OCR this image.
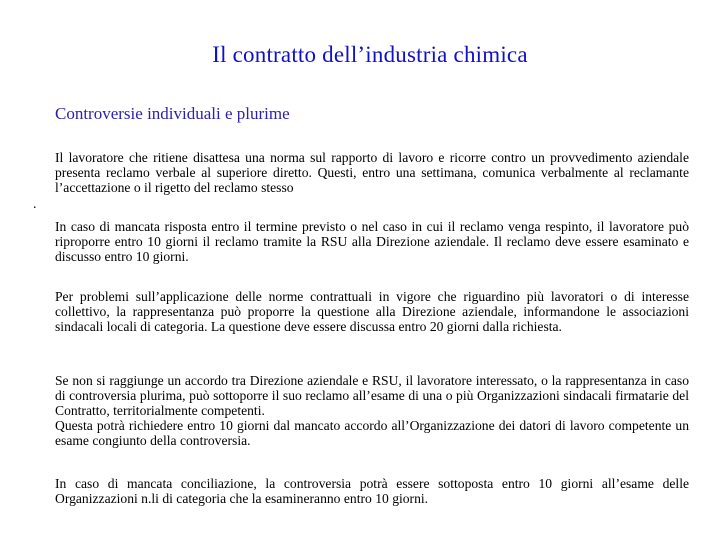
Il contratto dell’industria chimica
Controversie individuali e plurime
.

Il lavoratore che ritiene disattesa una norma sul rapporto di lavoro e ricorre contro un provvedimento aziendale presenta reclamo verbale al superiore diretto. Questi, entro una settimana, comunica verbalmente al reclamante l’accettazione o il rigetto del reclamo stesso

In caso di mancata risposta entro il termine previsto o nel caso in cui il reclamo venga respinto, il lavoratore può riproporre entro 10 giorni il reclamo tramite la RSU alla Direzione aziendale. Il reclamo deve essere esaminato e discusso entro 10 giorni.

Per problemi sull’applicazione delle norme contrattuali in vigore che riguardino più lavoratori o di interesse collettivo, la rappresentanza può proporre la questione alla Direzione aziendale, informandone le associazioni sindacali locali di categoria. La questione deve essere discussa entro 20 giorni dalla richiesta.

Se non si raggiunge un accordo tra Direzione aziendale e RSU, il lavoratore interessato, o la rappresentanza in caso di controversia plurima, può sottoporre il suo reclamo all’esame di una o più Organizzazioni sindacali firmatarie del Contratto, territorialmente competenti.
Questa potrà richiedere entro 10 giorni dal mancato accordo all’Organizzazione dei datori di lavoro competente un esame congiunto della controversia.

In caso di mancata conciliazione, la controversia potrà essere sottoposta entro 10 giorni all’esame delle Organizzazioni n.li di categoria che la esamineranno entro 10 giorni.
